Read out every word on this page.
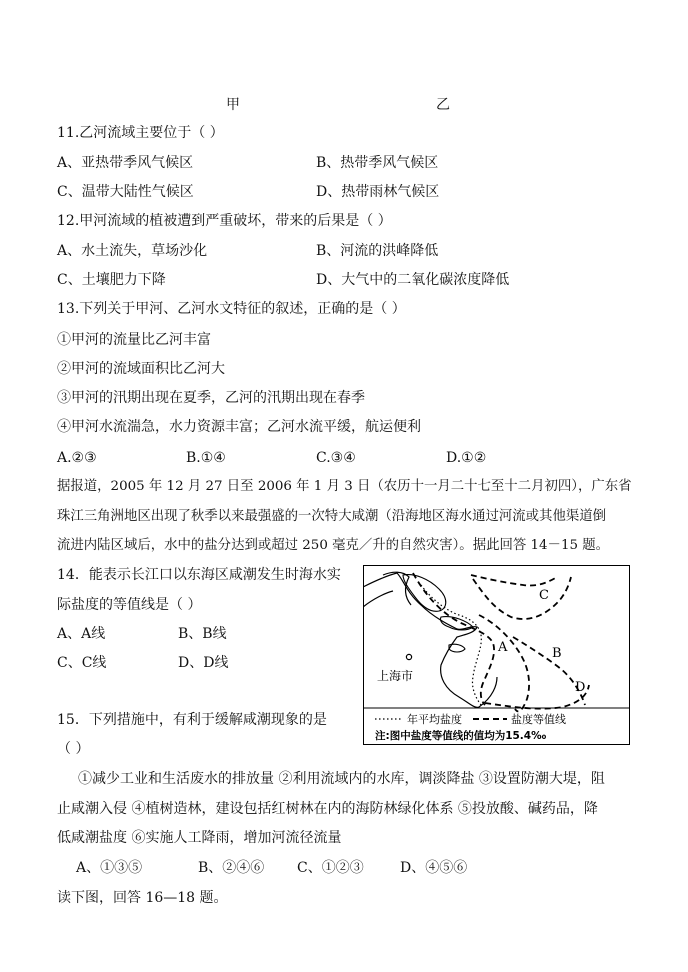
甲	乙
11.乙河流域主要位于（ ）
A、亚热带季风气候区	B、热带季风气候区
C、温带大陆性气候区	D、热带雨林气候区
12.甲河流域的植被遭到严重破坏，带来的后果是（ ）
A、水土流失，草场沙化	B、河流的洪峰降低
C、土壤肥力下降	D、大气中的二氧化碳浓度降低
13.下列关于甲河、乙河水文特征的叙述，正确的是（ ）
①甲河的流量比乙河丰富
②甲河的流域面积比乙河大
③甲河的汛期出现在夏季，乙河的汛期出现在春季
④甲河水流湍急，水力资源丰富；乙河水流平缓，航运便利
A.②③	B.①④	C.③④	D.①②
据报道，2005 年 12 月 27 日至 2006 年 1 月 3 日（农历十一月二十七至十二月初四），广东省
珠江三角洲地区出现了秋季以来最强盛的一次特大咸潮（沿海地区海水通过河流或其他渠道倒
流进内陆区域后，水中的盐分达到或超过 250 毫克／升的自然灾害）。据此回答 14－15 题。
14．能表示长江口以东海区咸潮发生时海水实
际盐度的等值线是（ ）
A、A线	B、B线
C、C线	D、D线
上海市
A	B
C
D
年平均盐度	盐度等值线
注:图中盐度等值线的值均为15.4‰
15．下列措施中，有利于缓解咸潮现象的是
（ ）
①减少工业和生活废水的排放量 ②利用流域内的水库，调淡降盐 ③设置防潮大堤，阻
止咸潮入侵 ④植树造林，建设包括红树林在内的海防林绿化体系 ⑤投放酸、碱药品，降
低咸潮盐度 ⑥实施人工降雨，增加河流径流量
A、①③⑤	B、②④⑥ C、①②③	D、④⑤⑥
读下图，回答 16—18 题。
